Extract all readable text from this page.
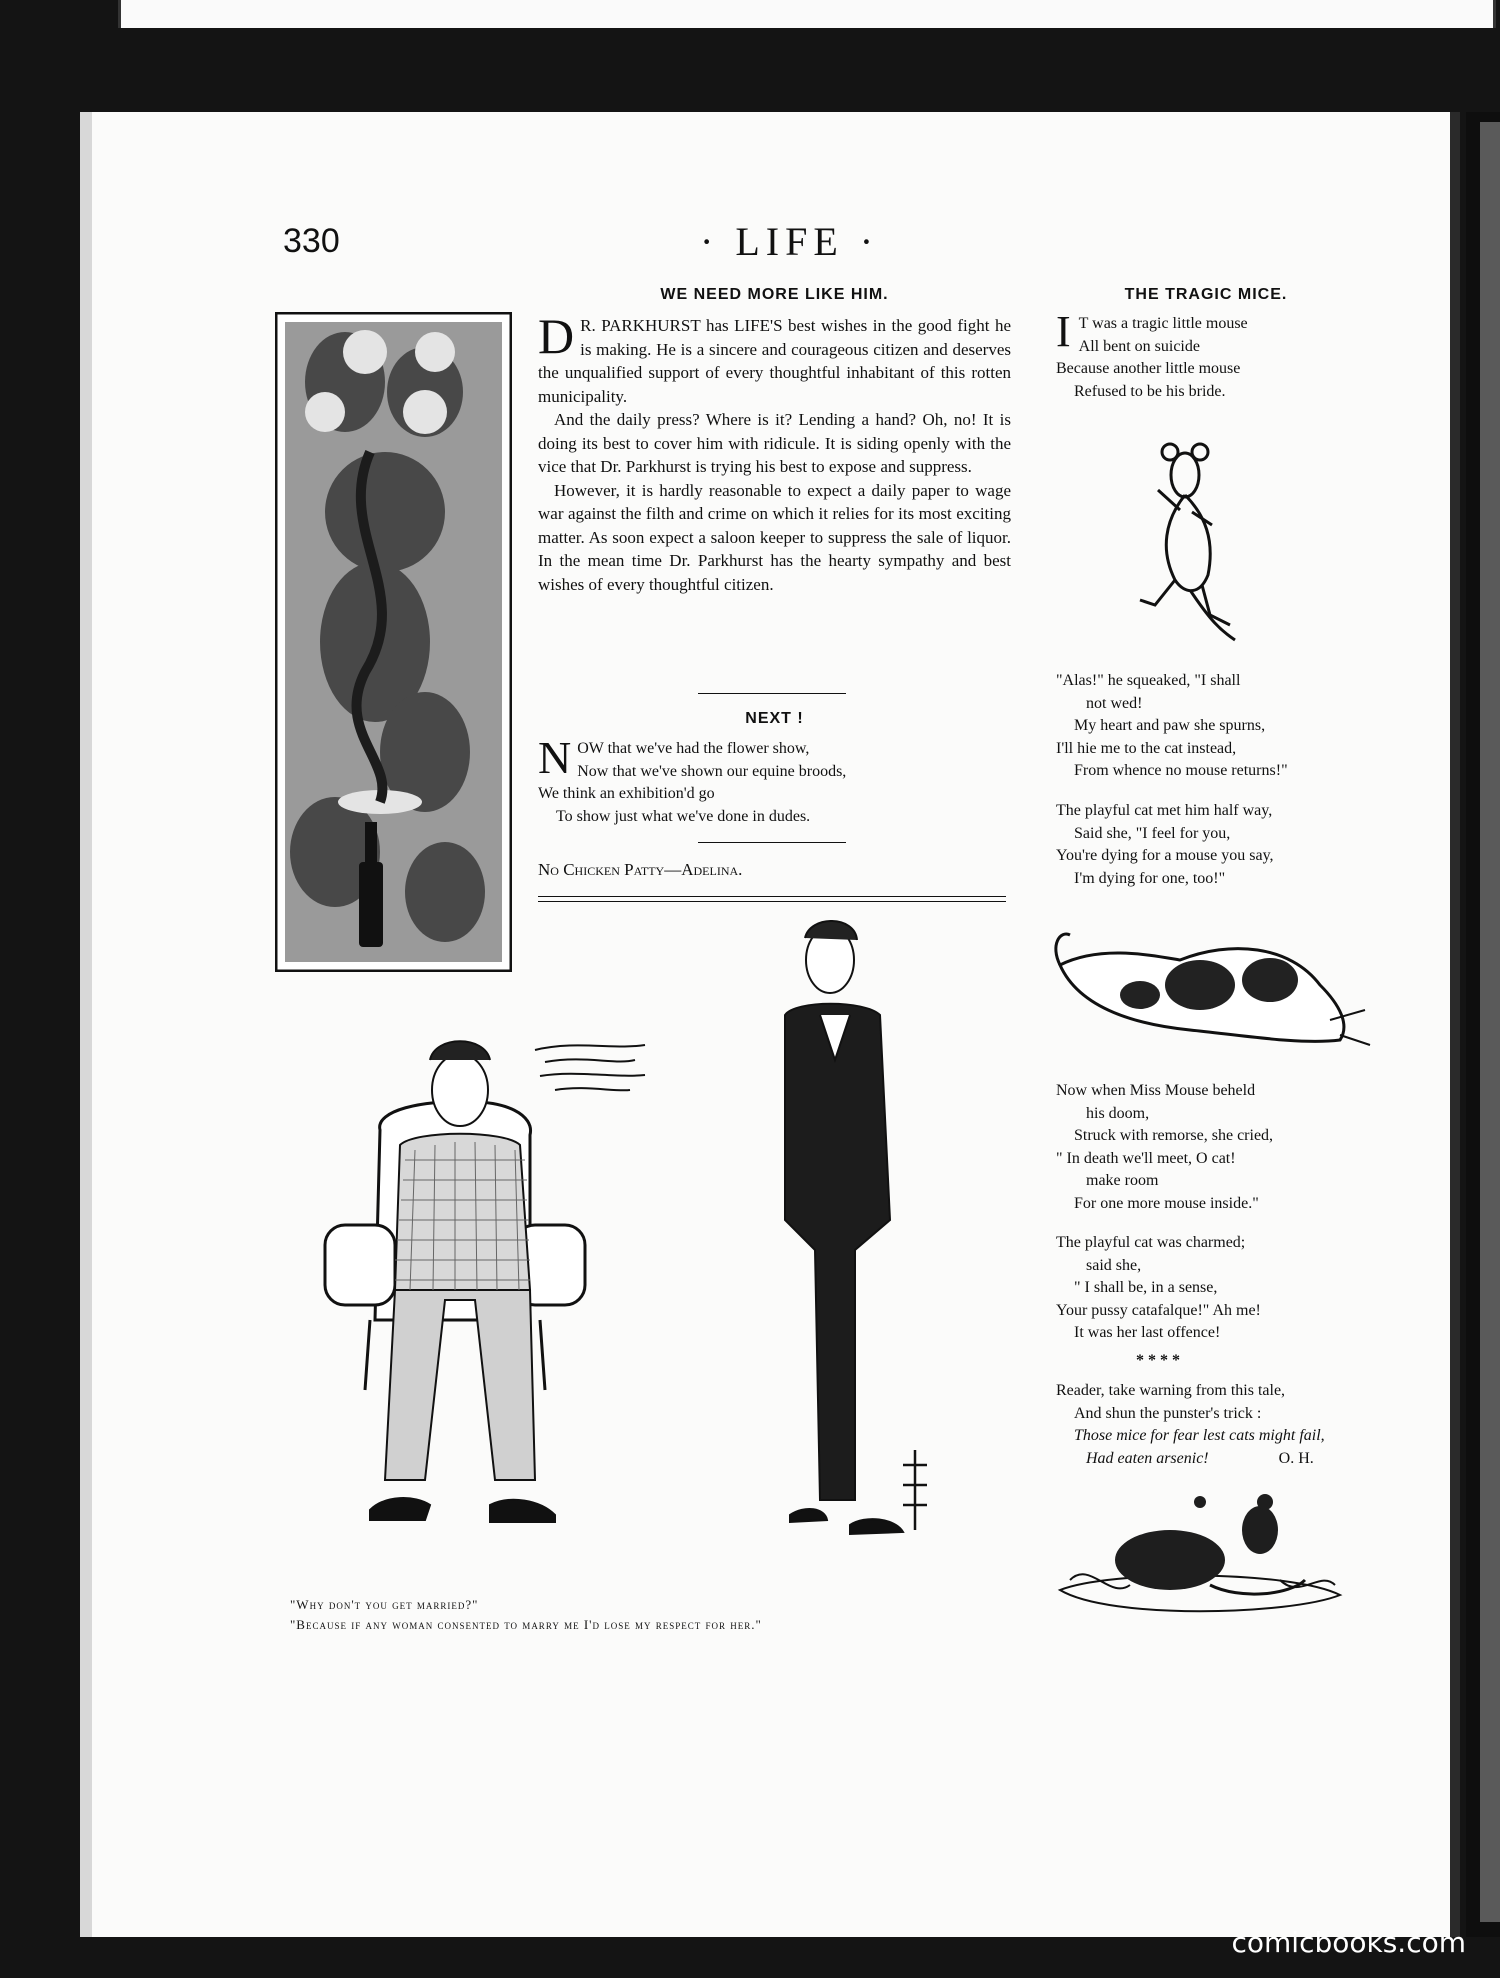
330	· LIFE ·
WE NEED MORE LIKE HIM.

D R. PARKHURST has LIFE'S best wishes in the good fight he is making. He is a sincere and courageous citizen and deserves the unqualified support of every thoughtful inhabitant of this rotten municipality.

And the daily press? Where is it? Lending a hand? Oh, no! It is doing its best to cover him with ridicule. It is siding openly with the vice that Dr. Parkhurst is trying his best to expose and suppress.

However, it is hardly reasonable to expect a daily paper to wage war against the filth and crime on which it relies for its most exciting matter. As soon expect a saloon keeper to suppress the sale of liquor. In the mean time Dr. Parkhurst has the hearty sympathy and best wishes of every thoughtful citizen.

NEXT !
NOW that we've had the flower show,
Now that we've shown our equine broods,
We think an exhibition'd go
To show just what we've done in dudes.
No Chicken Patty—Adelina.
THE TRAGIC MICE.
I T was a tragic little mouse
All bent on suicide
Because another little mouse
Refused to be his bride.
"Alas!" he squeaked, "I shall
not wed!
My heart and paw she spurns,
I'll hie me to the cat instead,
From whence no mouse returns!"
The playful cat met him half way,
Said she, "I feel for you,
You're dying for a mouse you say,
I'm dying for one, too!"
Now when Miss Mouse beheld
his doom,
Struck with remorse, she cried,
" In death we'll meet, O cat!
make room
For one more mouse inside."
The playful cat was charmed;
said she,
" I shall be, in a sense,
Your pussy catafalque!" Ah me!
It was her last offence!
* * * *
Reader, take warning from this tale,
And shun the punster's trick :
Those mice for fear lest cats might fail,
Had eaten arsenic!	O. H.
"Why don't you get married?"
"Because if any woman consented to marry me I'd lose my respect for her."
comicbooks.com
